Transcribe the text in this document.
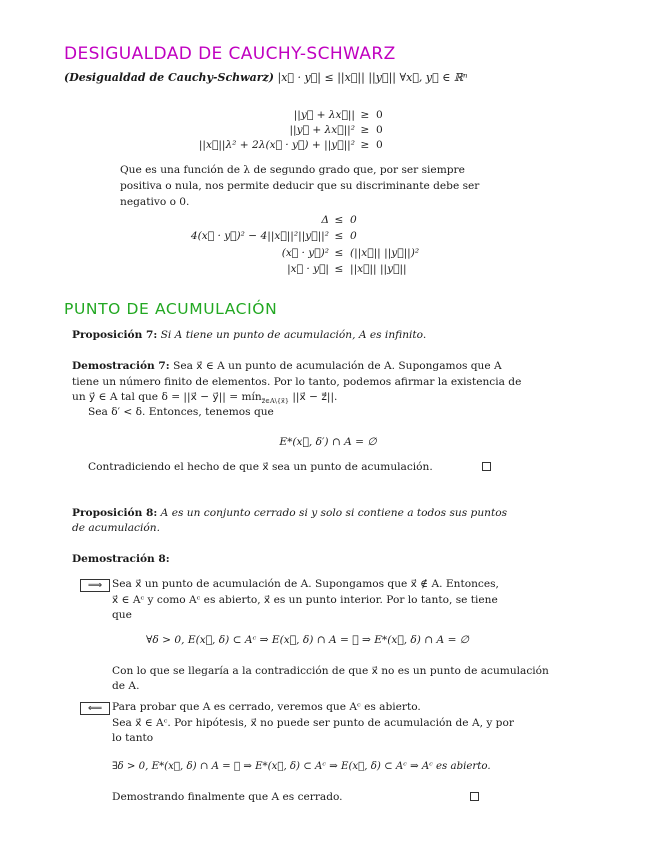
DESIGUALDAD DE CAUCHY-SCHWARZ
(Desigualdad de Cauchy-Schwarz) |x⃗ · y⃗| ≤ ||x⃗|| ||y⃗|| ∀x⃗, y⃗ ∈ ℝⁿ
||y⃗ + λx⃗|| ≥ 0
||y⃗ + λx⃗||² ≥ 0
||x⃗||λ² + 2λ(x⃗ · y⃗) + ||y⃗||² ≥ 0
Que es una función de λ de segundo grado que, por ser siempre positiva o nula, nos permite deducir que su discriminante debe ser negativo o 0.
Δ ≤ 0
4(x⃗ · y⃗)² − 4||x⃗||²||y⃗||² ≤ 0
(x⃗ · y⃗)² ≤ (||x⃗|| ||y⃗||)²
|x⃗ · y⃗| ≤ ||x⃗|| ||y⃗||
PUNTO DE ACUMULACIÓN
Proposición 7: Si A tiene un punto de acumulación, A es infinito.
Demostración 7: Sea x⃗ ∈ A un punto de acumulación de A. Supongamos que A
tiene un número finito de elementos. Por lo tanto, podemos afirmar la existencia de
un y⃗ ∈ A tal que δ = ||x⃗ − y⃗|| = mín$_{z⃗\in A\backslash\{x⃗\}}$ ||x⃗ − z⃗||.
Sea δ′ < δ. Entonces, tenemos que
E*(x⃗, δ′) ∩ A = ∅
Contradiciendo el hecho de que x⃗ sea un punto de acumulación.
Proposición 8: A es un conjunto cerrado si y solo si contiene a todos sus puntos
de acumulación.
Demostración 8:
⟹ Sea x⃗ un punto de acumulación de A. Supongamos que x⃗ ∉ A. Entonces,
x⃗ ∈ Aᶜ y como Aᶜ es abierto, x⃗ es un punto interior. Por lo tanto, se tiene
que
∀δ > 0, E(x⃗, δ) ⊂ Aᶜ ⇒ E(x⃗, δ) ∩ A = ∅ ⇒ E*(x⃗, δ) ∩ A = ∅
Con lo que se llegaría a la contradicción de que x⃗ no es un punto de acumulación
de A.
⟸ Para probar que A es cerrado, veremos que Aᶜ es abierto.
Sea x⃗ ∈ Aᶜ. Por hipótesis, x⃗ no puede ser punto de acumulación de A, y por
lo tanto
∃δ > 0, E*(x⃗, δ) ∩ A = ∅ ⇒ E*(x⃗, δ) ⊂ Aᶜ ⇒ E(x⃗, δ) ⊂ Aᶜ ⇒ Aᶜ es abierto.
Demostrando finalmente que A es cerrado.
